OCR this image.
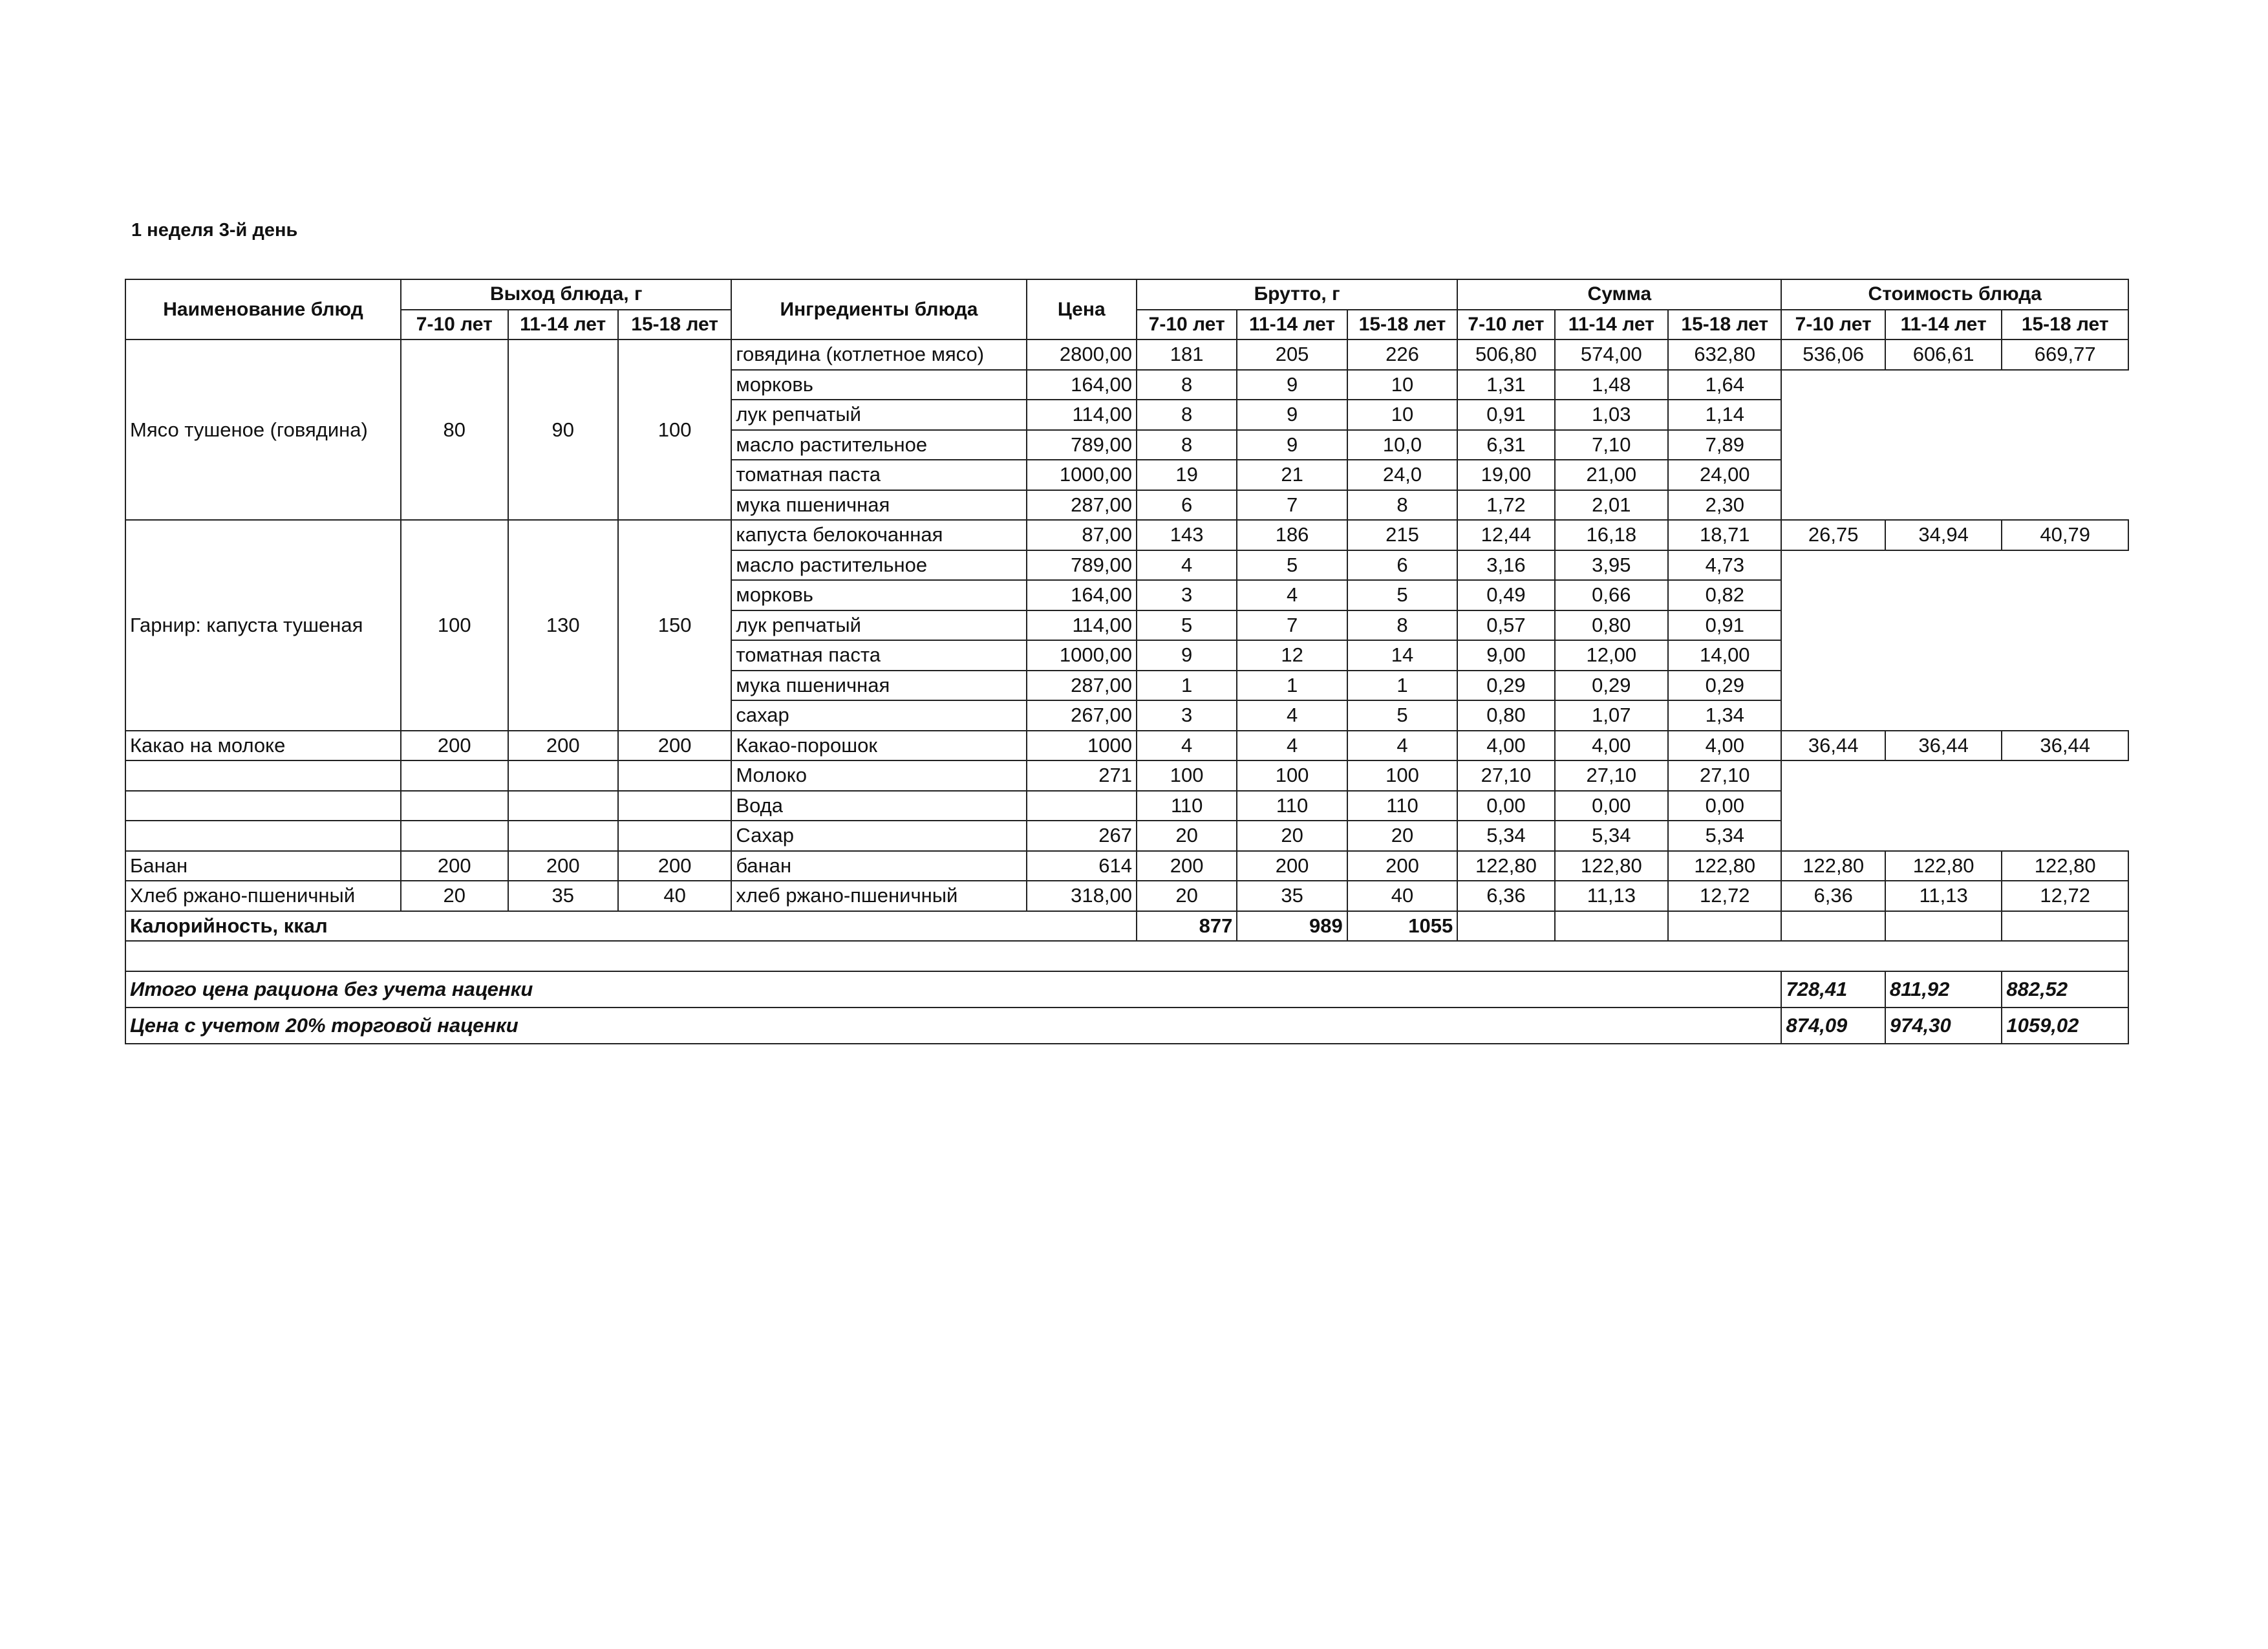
1 неделя 3-й день
Наименование блюд	Выход блюда, г			Ингредиенты блюда	Цена	Брутто, г			Сумма			Стоимость блюда		
	7-10 лет	11-14 лет	15-18 лет			7-10 лет	11-14 лет	15-18 лет	7-10 лет	11-14 лет	15-18 лет	7-10 лет	11-14 лет	15-18 лет
Мясо тушеное (говядина)	80	90	100	говядина (котлетное мясо)	2800,00	181	205	226	506,80	574,00	632,80	536,06	606,61	669,77
				морковь	164,00	8	9	10	1,31	1,48	1,64			
				лук репчатый	114,00	8	9	10	0,91	1,03	1,14			
				масло растительное	789,00	8	9	10,0	6,31	7,10	7,89			
				томатная паста	1000,00	19	21	24,0	19,00	21,00	24,00			
				мука пшеничная	287,00	6	7	8	1,72	2,01	2,30			
Гарнир: капуста тушеная	100	130	150	капуста белокочанная	87,00	143	186	215	12,44	16,18	18,71	26,75	34,94	40,79
				масло растительное	789,00	4	5	6	3,16	3,95	4,73			
				морковь	164,00	3	4	5	0,49	0,66	0,82			
				лук репчатый	114,00	5	7	8	0,57	0,80	0,91			
				томатная паста	1000,00	9	12	14	9,00	12,00	14,00			
				мука пшеничная	287,00	1	1	1	0,29	0,29	0,29			
				сахар	267,00	3	4	5	0,80	1,07	1,34			
Какао на молоке	200	200	200	Какао-порошок	1000	4	4	4	4,00	4,00	4,00	36,44	36,44	36,44
				Молоко	271	100	100	100	27,10	27,10	27,10			
				Вода		110	110	110	0,00	0,00	0,00			
				Сахар	267	20	20	20	5,34	5,34	5,34			
Банан	200	200	200	банан	614	200	200	200	122,80	122,80	122,80	122,80	122,80	122,80
Хлеб ржано-пшеничный	20	35	40	хлеб ржано-пшеничный	318,00	20	35	40	6,36	11,13	12,72	6,36	11,13	12,72
Калорийность, ккал						877	989	1055						

Итого цена рациона без учета наценки												728,41	811,92	882,52
Цена с учетом 20% торговой наценки												874,09	974,30	1059,02
